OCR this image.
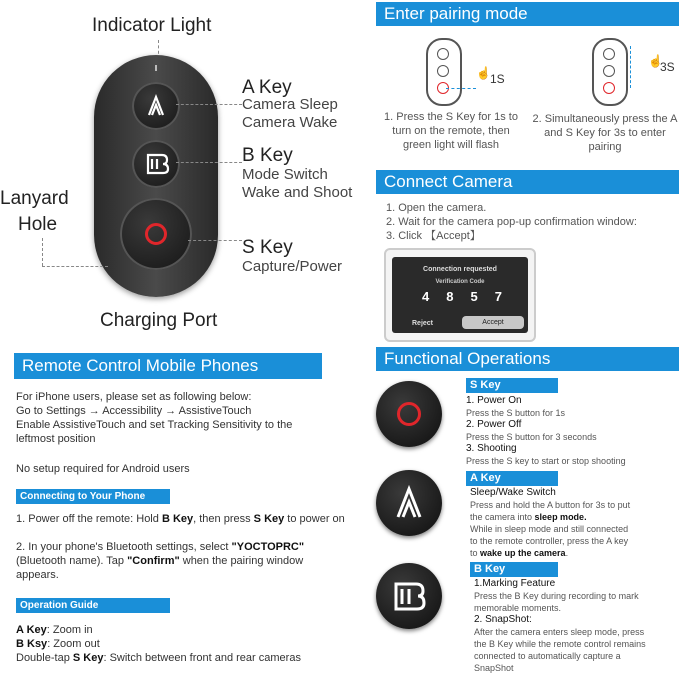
Indicator Light
A Key
Camera Sleep
Camera Wake
B Key
Mode Switch
Wake and Shoot
Lanyard
Hole
S Key
Capture/Power
Charging Port
Enter pairing mode
☝ 1S
☝
3S
1. Press the S Key for 1s to turn on the remote, then green light will flash
2. Simultaneously press the A and S Key for 3s to enter pairing
Connect Camera
1. Open the camera.
2. Wait for the camera pop-up confirmation window:
3. Click 【Accept】
Connection requested
Verification Code
4 8 5 7
Reject	Accept
Functional Operations
S Key
1. Power On
Press the S button for 1s
2. Power Off
Press the S button for 3 seconds
3. Shooting
Press the S key to start or stop shooting
A Key
Sleep/Wake Switch
Press and hold the A button for 3s to put
the camera into sleep mode.
While in sleep mode and still connected
to the remote controller, press the A key
to wake up the camera.
B Key
1.Marking Feature
Press the B Key during recording to mark
memorable moments.
2. SnapShot:
After the camera enters sleep mode, press
the B Key while the remote control remains
connected to automatically capture a
SnapShot
Remote Control Mobile Phones
For iPhone users, please set as following below:
Go to Settings → Accessibility → AssistiveTouch
Enable AssistiveTouch and set Tracking Sensitivity to the
leftmost position
No setup required for Android users
Connecting to Your Phone
1. Power off the remote: Hold B Key, then press S Key to power on
2. In your phone's Bluetooth settings, select "YOCTOPRC"
(Bluetooth name). Tap "Confirm" when the pairing window
appears.
Operation Guide
A Key: Zoom in
B Ksy: Zoom out
Double-tap S Key: Switch between front and rear cameras
